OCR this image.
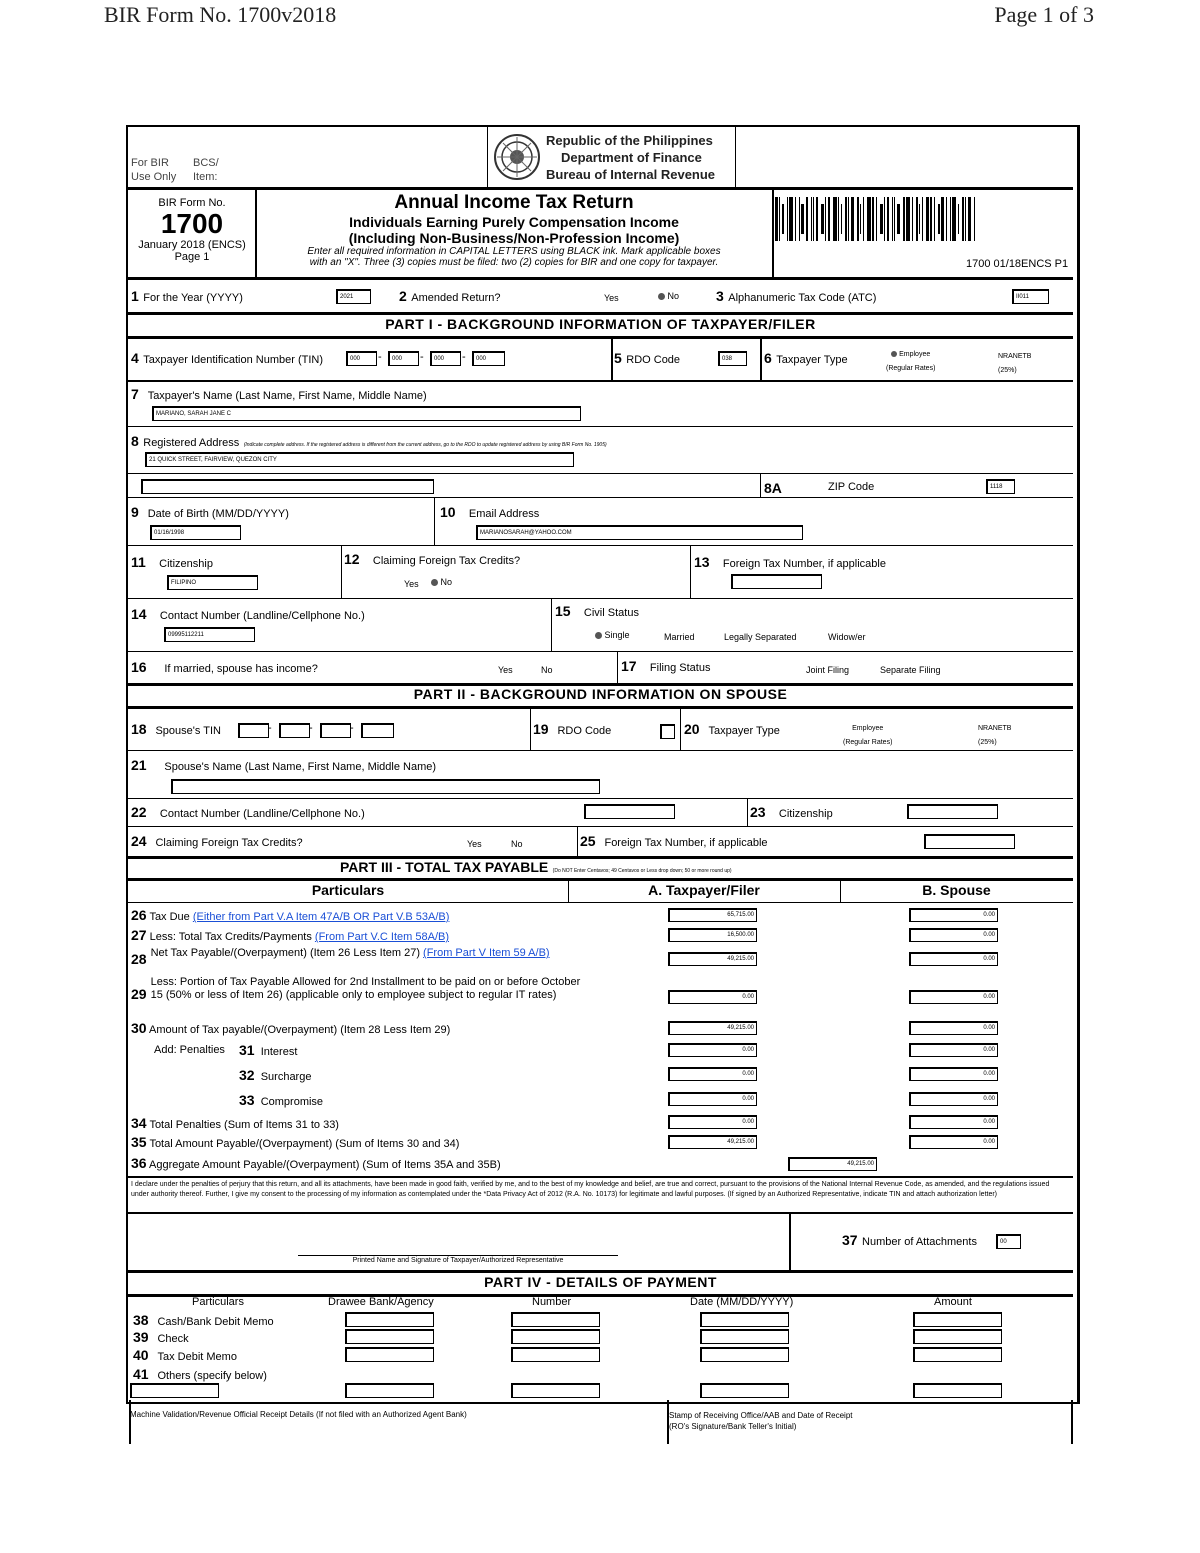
BIR Form No. 1700v2018	Page 1 of 3
For BIR
Use Only
BCS/
Item:
Republic of the Philippines
Department of Finance
Bureau of Internal Revenue
BIR Form No.
1700
January 2018 (ENCS)
Page 1
Annual Income Tax Return
Individuals Earning Purely Compensation Income
(Including Non-Business/Non-Profession Income)
Enter all required information in CAPITAL LETTERS using BLACK ink. Mark applicable boxes
with an "X". Three (3) copies must be filed: two (2) copies for BIR and one copy for taxpayer.	1700 01/18ENCS P1
1 For the Year (YYYY)	2021	2 Amended Return?	Yes	No	3 Alphanumeric Tax Code (ATC)	II011
PART I - BACKGROUND INFORMATION OF TAXPAYER/FILER
4 Taxpayer Identification Number (TIN)	000	-	000	-	000	-	000	5 RDO Code	038	6 Taxpayer Type	Employee
(Regular Rates)
NRANETB
(25%)
7 Taxpayer's Name (Last Name, First Name, Middle Name)
MARIANO, SARAH JANE C
8 Registered Address (Indicate complete address. If the registered address is different from the current address, go to the RDO to update registered address by using BIR Form No. 1905)
21 QUICK STREET, FAIRVIEW, QUEZON CITY
8A	ZIP Code	1118
9 Date of Birth (MM/DD/YYYY)
01/16/1998
10 Email Address
MARIANOSARAH@YAHOO.COM
11 Citizenship
FILIPINO
12 Claiming Foreign Tax Credits?
Yes	No
13 Foreign Tax Number, if applicable
14 Contact Number (Landline/Cellphone No.)
09995112211
15 Civil Status
Single	Married	Legally Separated	Widow/er
16 If married, spouse has income?	Yes	No	17 Filing Status	Joint Filing	Separate Filing
PART II - BACKGROUND INFORMATION ON SPOUSE
18 Spouse's TIN	-	-	-	19 RDO Code	20 Taxpayer Type	Employee
(Regular Rates)
NRANETB
(25%)
21 Spouse's Name (Last Name, First Name, Middle Name)
22 Contact Number (Landline/Cellphone No.)	23 Citizenship
24 Claiming Foreign Tax Credits?	Yes	No	25 Foreign Tax Number, if applicable
PART III - TOTAL TAX PAYABLE (Do NOT Enter Centavos; 49 Centavos or Less drop down; 50 or more round up)
Particulars	A. Taxpayer/Filer	B. Spouse
26 Tax Due (Either from Part V.A Item 47A/B OR Part V.B 53A/B)	65,715.00	0.00
27 Less: Total Tax Credits/Payments (From Part V.C Item 58A/B)	16,500.00	0.00
28 Net Tax Payable/(Overpayment) (Item 26 Less Item 27) (From Part V Item 59 A/B)	49,215.00	0.00
29
Less: Portion of Tax Payable Allowed for 2nd Installment to be paid on or before October 15 (50% or less of Item 26) (applicable only to employee subject to regular IT rates)	0.00	0.00
30 Amount of Tax payable/(Overpayment) (Item 28 Less Item 29)	49,215.00	0.00
Add: Penalties 31 Interest	0.00	0.00
32 Surcharge	0.00	0.00
33 Compromise	0.00	0.00
34 Total Penalties (Sum of Items 31 to 33)	0.00	0.00
35 Total Amount Payable/(Overpayment) (Sum of Items 30 and 34)	49,215.00	0.00
36 Aggregate Amount Payable/(Overpayment) (Sum of Items 35A and 35B)	49,215.00
I declare under the penalties of perjury that this return, and all its attachments, have been made in good faith, verified by me, and to the best of my knowledge and belief, are true and correct, pursuant to the provisions of the National Internal Revenue Code, as amended, and the regulations issued under authority thereof. Further, I give my consent to the processing of my information as contemplated under the *Data Privacy Act of 2012 (R.A. No. 10173) for legitimate and lawful purposes. (If signed by an Authorized Representative, indicate TIN and attach authorization letter)
Printed Name and Signature of Taxpayer/Authorized Representative
37 Number of Attachments	00
PART IV - DETAILS OF PAYMENT
Particulars	Drawee Bank/Agency	Number	Date (MM/DD/YYYY)	Amount
38 Cash/Bank Debit Memo
39 Check
40 Tax Debit Memo
41 Others (specify below)
Machine Validation/Revenue Official Receipt Details (If not filed with an Authorized Agent Bank)	Stamp of Receiving Office/AAB and Date of Receipt
(RO's Signature/Bank Teller's Initial)
